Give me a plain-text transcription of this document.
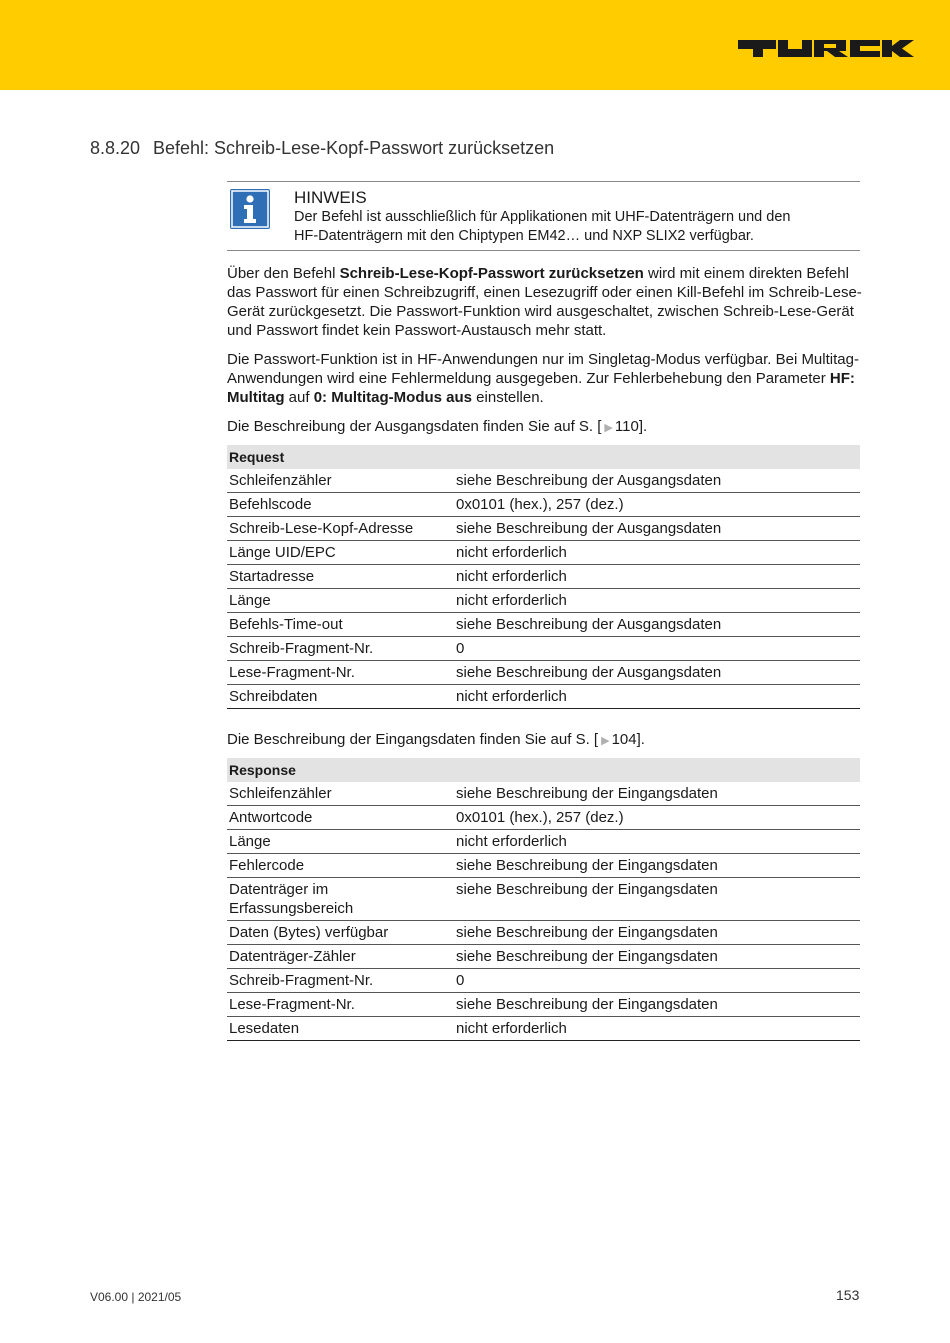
TURCK
8.8.20 Befehl: Schreib-Lese-Kopf-Passwort zurücksetzen
HINWEIS
Der Befehl ist ausschließlich für Applikationen mit UHF-Datenträgern und den
HF-Datenträgern mit den Chiptypen EM42… und NXP SLIX2 verfügbar.

Über den Befehl Schreib-Lese-Kopf-Passwort zurücksetzen wird mit einem direkten Befehl das Passwort für einen Schreibzugriff, einen Lesezugriff oder einen Kill-Befehl im Schreib-Lese-Gerät zurückgesetzt. Die Passwort-Funktion wird ausgeschaltet, zwischen Schreib-Lese-Gerät und Passwort findet kein Passwort-Austausch mehr statt.

Die Passwort-Funktion ist in HF-Anwendungen nur im Singletag-Modus verfügbar. Bei Multitag-Anwendungen wird eine Fehlermeldung ausgegeben. Zur Fehlerbehebung den Parameter HF: Multitag auf 0: Multitag-Modus aus einstellen.

Die Beschreibung der Ausgangsdaten finden Sie auf S. [ ▶ 110].

Request	
Schleifenzähler	siehe Beschreibung der Ausgangsdaten
Befehlscode	0x0101 (hex.), 257 (dez.)
Schreib-Lese-Kopf-Adresse	siehe Beschreibung der Ausgangsdaten
Länge UID/EPC	nicht erforderlich
Startadresse	nicht erforderlich
Länge	nicht erforderlich
Befehls-Time-out	siehe Beschreibung der Ausgangsdaten
Schreib-Fragment-Nr.	0
Lese-Fragment-Nr.	siehe Beschreibung der Ausgangsdaten
Schreibdaten	nicht erforderlich

Die Beschreibung der Eingangsdaten finden Sie auf S. [ ▶ 104].

Response	
Schleifenzähler	siehe Beschreibung der Eingangsdaten
Antwortcode	0x0101 (hex.), 257 (dez.)
Länge	nicht erforderlich
Fehlercode	siehe Beschreibung der Eingangsdaten
Datenträger im Erfassungsbereich	siehe Beschreibung der Eingangsdaten
Daten (Bytes) verfügbar	siehe Beschreibung der Eingangsdaten
Datenträger-Zähler	siehe Beschreibung der Eingangsdaten
Schreib-Fragment-Nr.	0
Lese-Fragment-Nr.	siehe Beschreibung der Eingangsdaten
Lesedaten	nicht erforderlich
V06.00 | 2021/05	153
